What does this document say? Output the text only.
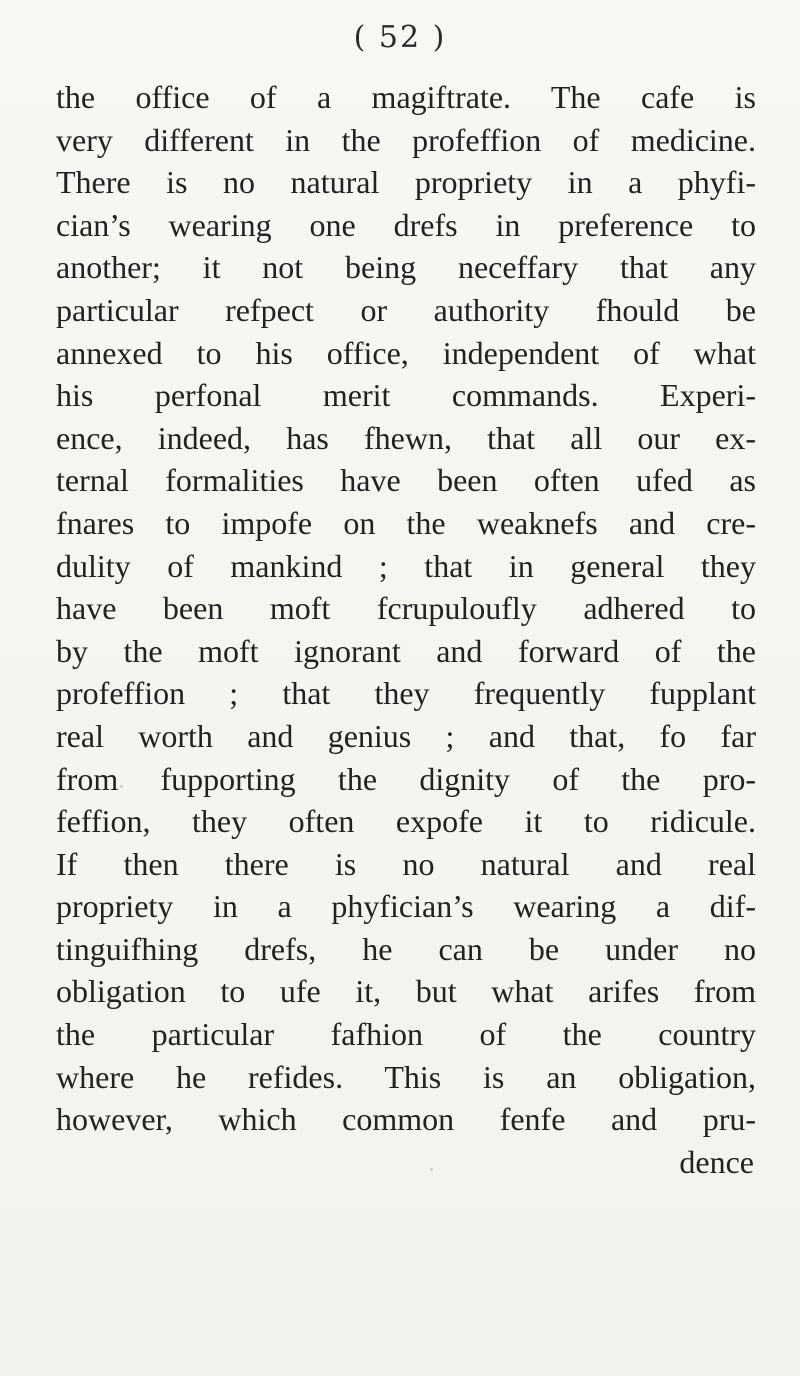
( 52 )
the office of a magiftrate. The cafe is
very different in the profeffion of medicine.
There is no natural propriety in a phyfi-
cian’s wearing one drefs in preference to
another; it not being neceffary that any
particular refpect or authority fhould be
annexed to his office, independent of what
his perfonal merit commands. Experi-
ence, indeed, has fhewn, that all our ex-
ternal formalities have been often ufed as
fnares to impofe on the weaknefs and cre-
dulity of mankind ; that in general they
have been moft fcrupuloufly adhered to
by the moft ignorant and forward of the
profeffion ; that they frequently fupplant
real worth and genius ; and that, fo far
from fupporting the dignity of the pro-
feffion, they often expofe it to ridicule.
If then there is no natural and real
propriety in a phyfician’s wearing a dif-
tinguifhing drefs, he can be under no
obligation to ufe it, but what arifes from
the particular fafhion of the country
where he refides. This is an obligation,
however, which common fenfe and pru-
dence
